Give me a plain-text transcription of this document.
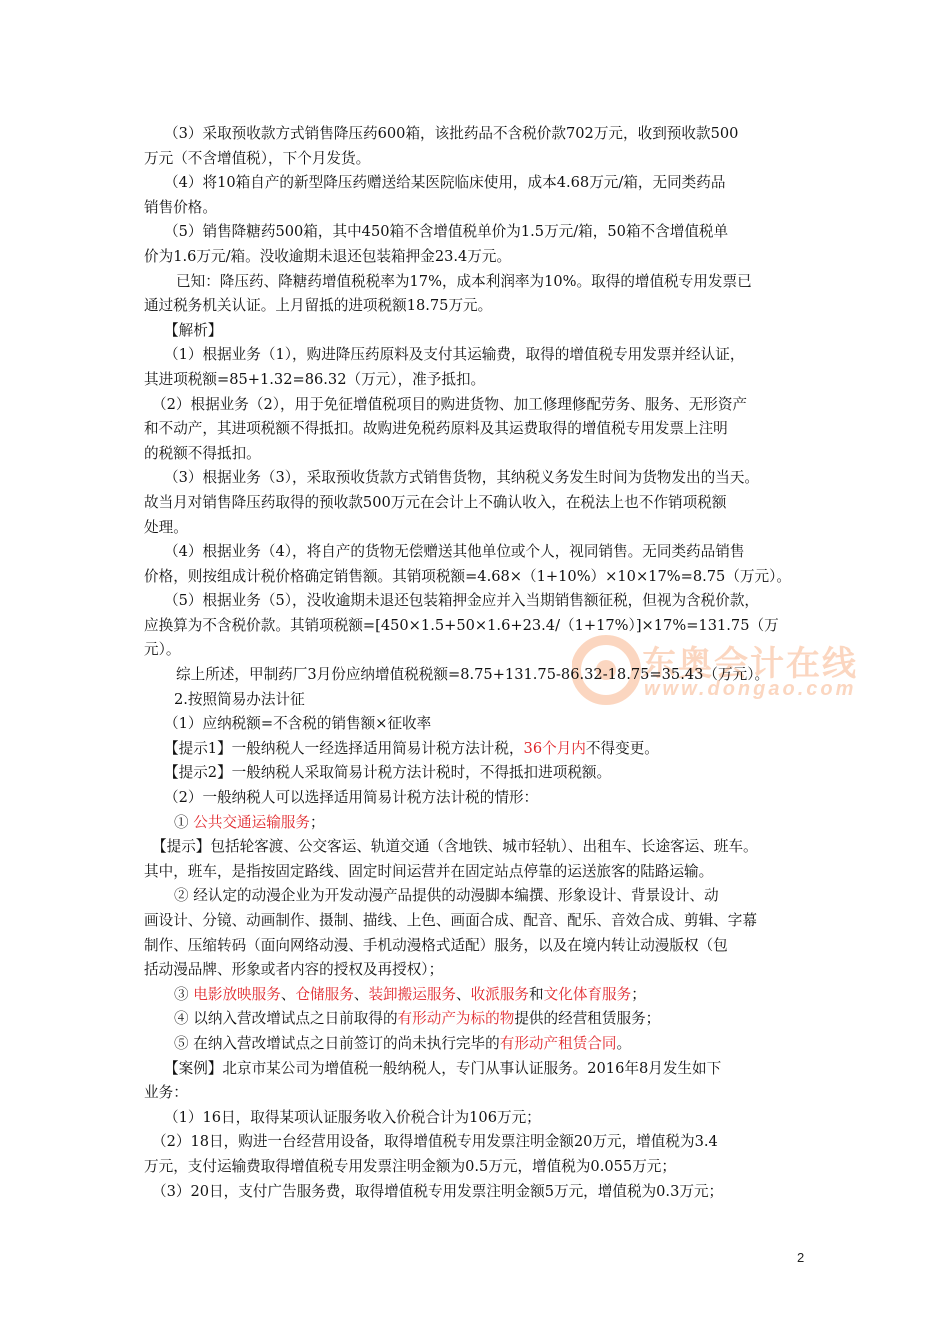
东奥会计在线
www.dongao.com

（3）采取预收款方式销售降压药600箱，该批药品不含税价款702万元，收到预收款500

万元（不含增值税），下个月发货。

（4）将10箱自产的新型降压药赠送给某医院临床使用，成本4.68万元/箱，无同类药品

销售价格。

（5）销售降糖药500箱，其中450箱不含增值税单价为1.5万元/箱，50箱不含增值税单

价为1.6万元/箱。没收逾期未退还包装箱押金23.4万元。

已知：降压药、降糖药增值税税率为17%，成本利润率为10%。取得的增值税专用发票已

通过税务机关认证。上月留抵的进项税额18.75万元。

【解析】

（1）根据业务（1），购进降压药原料及支付其运输费，取得的增值税专用发票并经认证，

其进项税额=85+1.32=86.32（万元），准予抵扣。

（2）根据业务（2），用于免征增值税项目的购进货物、加工修理修配劳务、服务、无形资产

和不动产，其进项税额不得抵扣。故购进免税药原料及其运费取得的增值税专用发票上注明

的税额不得抵扣。

（3）根据业务（3），采取预收货款方式销售货物，其纳税义务发生时间为货物发出的当天。

故当月对销售降压药取得的预收款500万元在会计上不确认收入，在税法上也不作销项税额

处理。

（4）根据业务（4），将自产的货物无偿赠送其他单位或个人，视同销售。无同类药品销售

价格，则按组成计税价格确定销售额。其销项税额=4.68×（1+10%）×10×17%=8.75（万元）。

（5）根据业务（5），没收逾期未退还包装箱押金应并入当期销售额征税，但视为含税价款，

应换算为不含税价款。其销项税额=[450×1.5+50×1.6+23.4/（1+17%）]×17%=131.75（万

元）。

综上所述，甲制药厂3月份应纳增值税税额=8.75+131.75-86.32-18.75=35.43（万元）。

2.按照简易办法计征

（1）应纳税额=不含税的销售额×征收率

【提示1】一般纳税人一经选择适用简易计税方法计税，36个月内不得变更。

【提示2】一般纳税人采取简易计税方法计税时，不得抵扣进项税额。

（2）一般纳税人可以选择适用简易计税方法计税的情形：

① 公共交通运输服务；

【提示】包括轮客渡、公交客运、轨道交通（含地铁、城市轻轨）、出租车、长途客运、班车。

其中，班车，是指按固定路线、固定时间运营并在固定站点停靠的运送旅客的陆路运输。

② 经认定的动漫企业为开发动漫产品提供的动漫脚本编撰、形象设计、背景设计、动

画设计、分镜、动画制作、摄制、描线、上色、画面合成、配音、配乐、音效合成、剪辑、字幕

制作、压缩转码（面向网络动漫、手机动漫格式适配）服务，以及在境内转让动漫版权（包

括动漫品牌、形象或者内容的授权及再授权）；

③ 电影放映服务、仓储服务、装卸搬运服务、收派服务和文化体育服务；

④ 以纳入营改增试点之日前取得的有形动产为标的物提供的经营租赁服务；

⑤ 在纳入营改增试点之日前签订的尚未执行完毕的有形动产租赁合同。

【案例】北京市某公司为增值税一般纳税人，专门从事认证服务。2016年8月发生如下

业务：

（1）16日，取得某项认证服务收入价税合计为106万元；

（2）18日，购进一台经营用设备，取得增值税专用发票注明金额20万元，增值税为3.4

万元，支付运输费取得增值税专用发票注明金额为0.5万元，增值税为0.055万元；

（3）20日，支付广告服务费，取得增值税专用发票注明金额5万元，增值税为0.3万元；

2
